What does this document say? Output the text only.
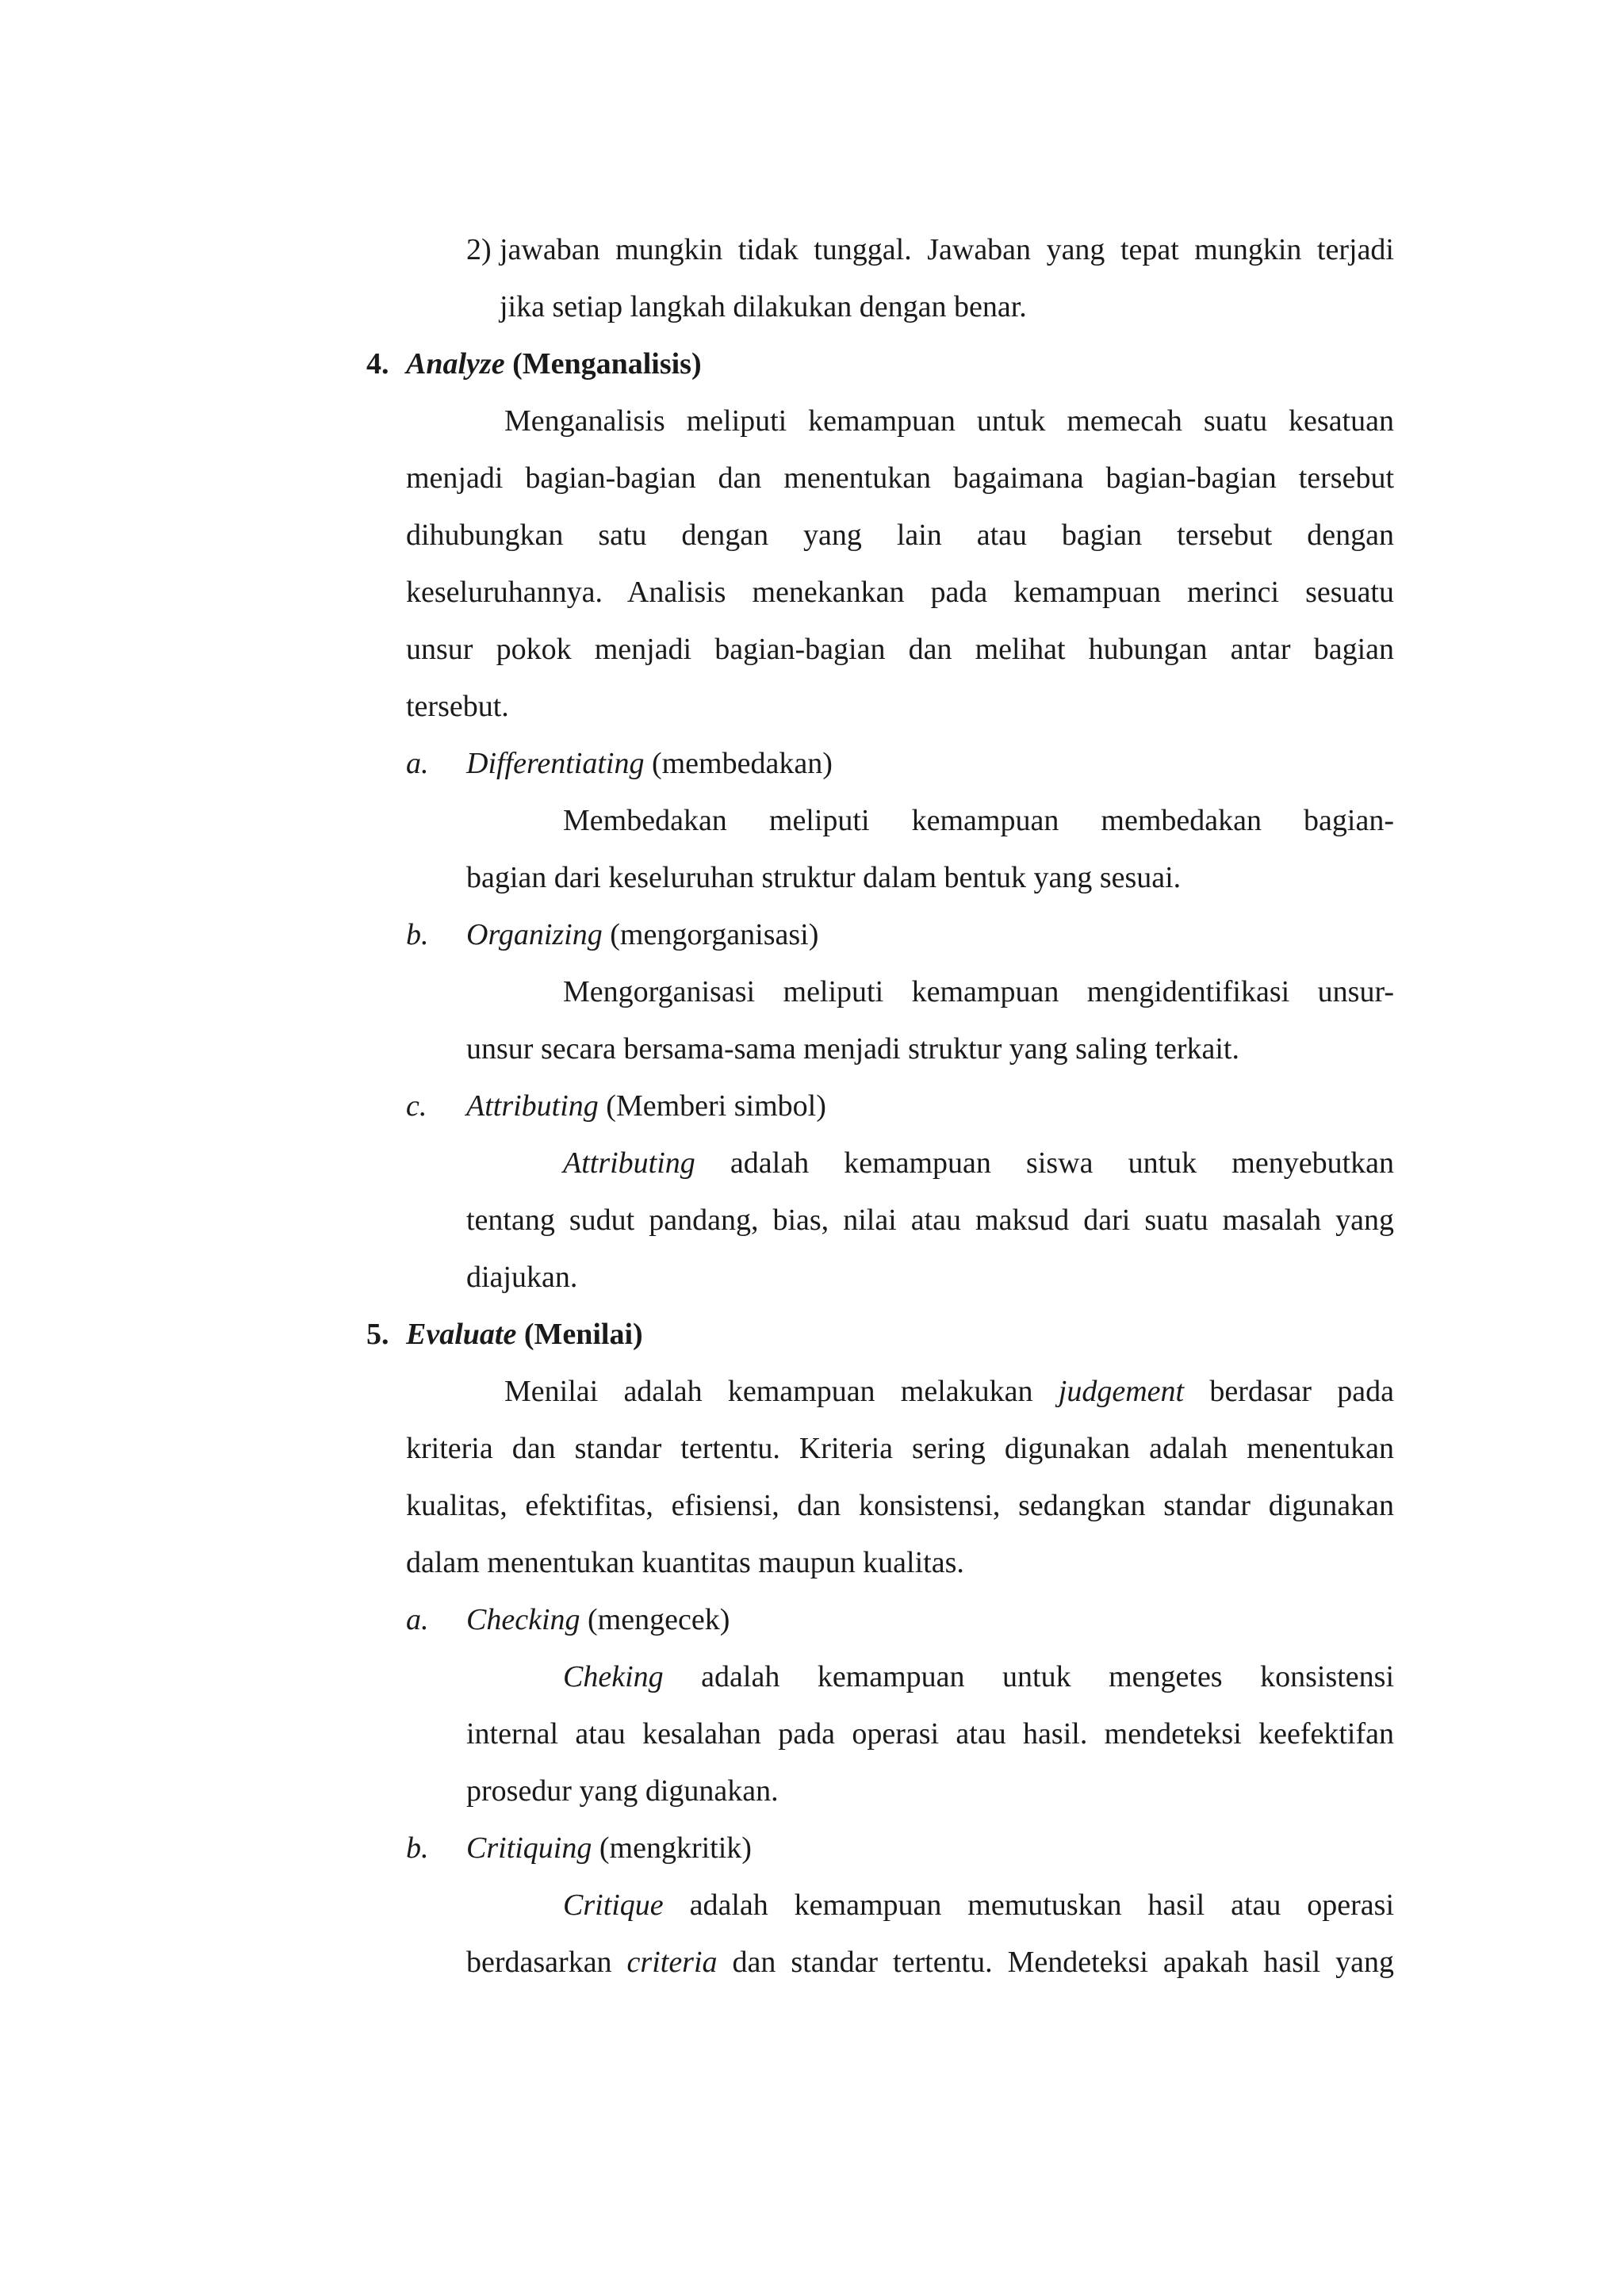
2) jawaban mungkin tidak tunggal. Jawaban yang tepat mungkin terjadi
jika setiap langkah dilakukan dengan benar.
4. Analyze (Menganalisis)
Menganalisis meliputi kemampuan untuk memecah suatu kesatuan
menjadi bagian-bagian dan menentukan bagaimana bagian-bagian tersebut
dihubungkan satu dengan yang lain atau bagian tersebut dengan
keseluruhannya. Analisis menekankan pada kemampuan merinci sesuatu
unsur pokok menjadi bagian-bagian dan melihat hubungan antar bagian
tersebut.
a. Differentiating (membedakan)
Membedakan meliputi kemampuan membedakan bagian-
bagian dari keseluruhan struktur dalam bentuk yang sesuai.
b. Organizing (mengorganisasi)
Mengorganisasi meliputi kemampuan mengidentifikasi unsur-
unsur secara bersama-sama menjadi struktur yang saling terkait.
c. Attributing (Memberi simbol)
Attributing adalah kemampuan siswa untuk menyebutkan
tentang sudut pandang, bias, nilai atau maksud dari suatu masalah yang
diajukan.
5. Evaluate (Menilai)
Menilai adalah kemampuan melakukan judgement berdasar pada
kriteria dan standar tertentu. Kriteria sering digunakan adalah menentukan
kualitas, efektifitas, efisiensi, dan konsistensi, sedangkan standar digunakan
dalam menentukan kuantitas maupun kualitas.
a. Checking (mengecek)
Cheking adalah kemampuan untuk mengetes konsistensi
internal atau kesalahan pada operasi atau hasil. mendeteksi keefektifan
prosedur yang digunakan.
b. Critiquing (mengkritik)
Critique adalah kemampuan memutuskan hasil atau operasi
berdasarkan criteria dan standar tertentu. Mendeteksi apakah hasil yang
